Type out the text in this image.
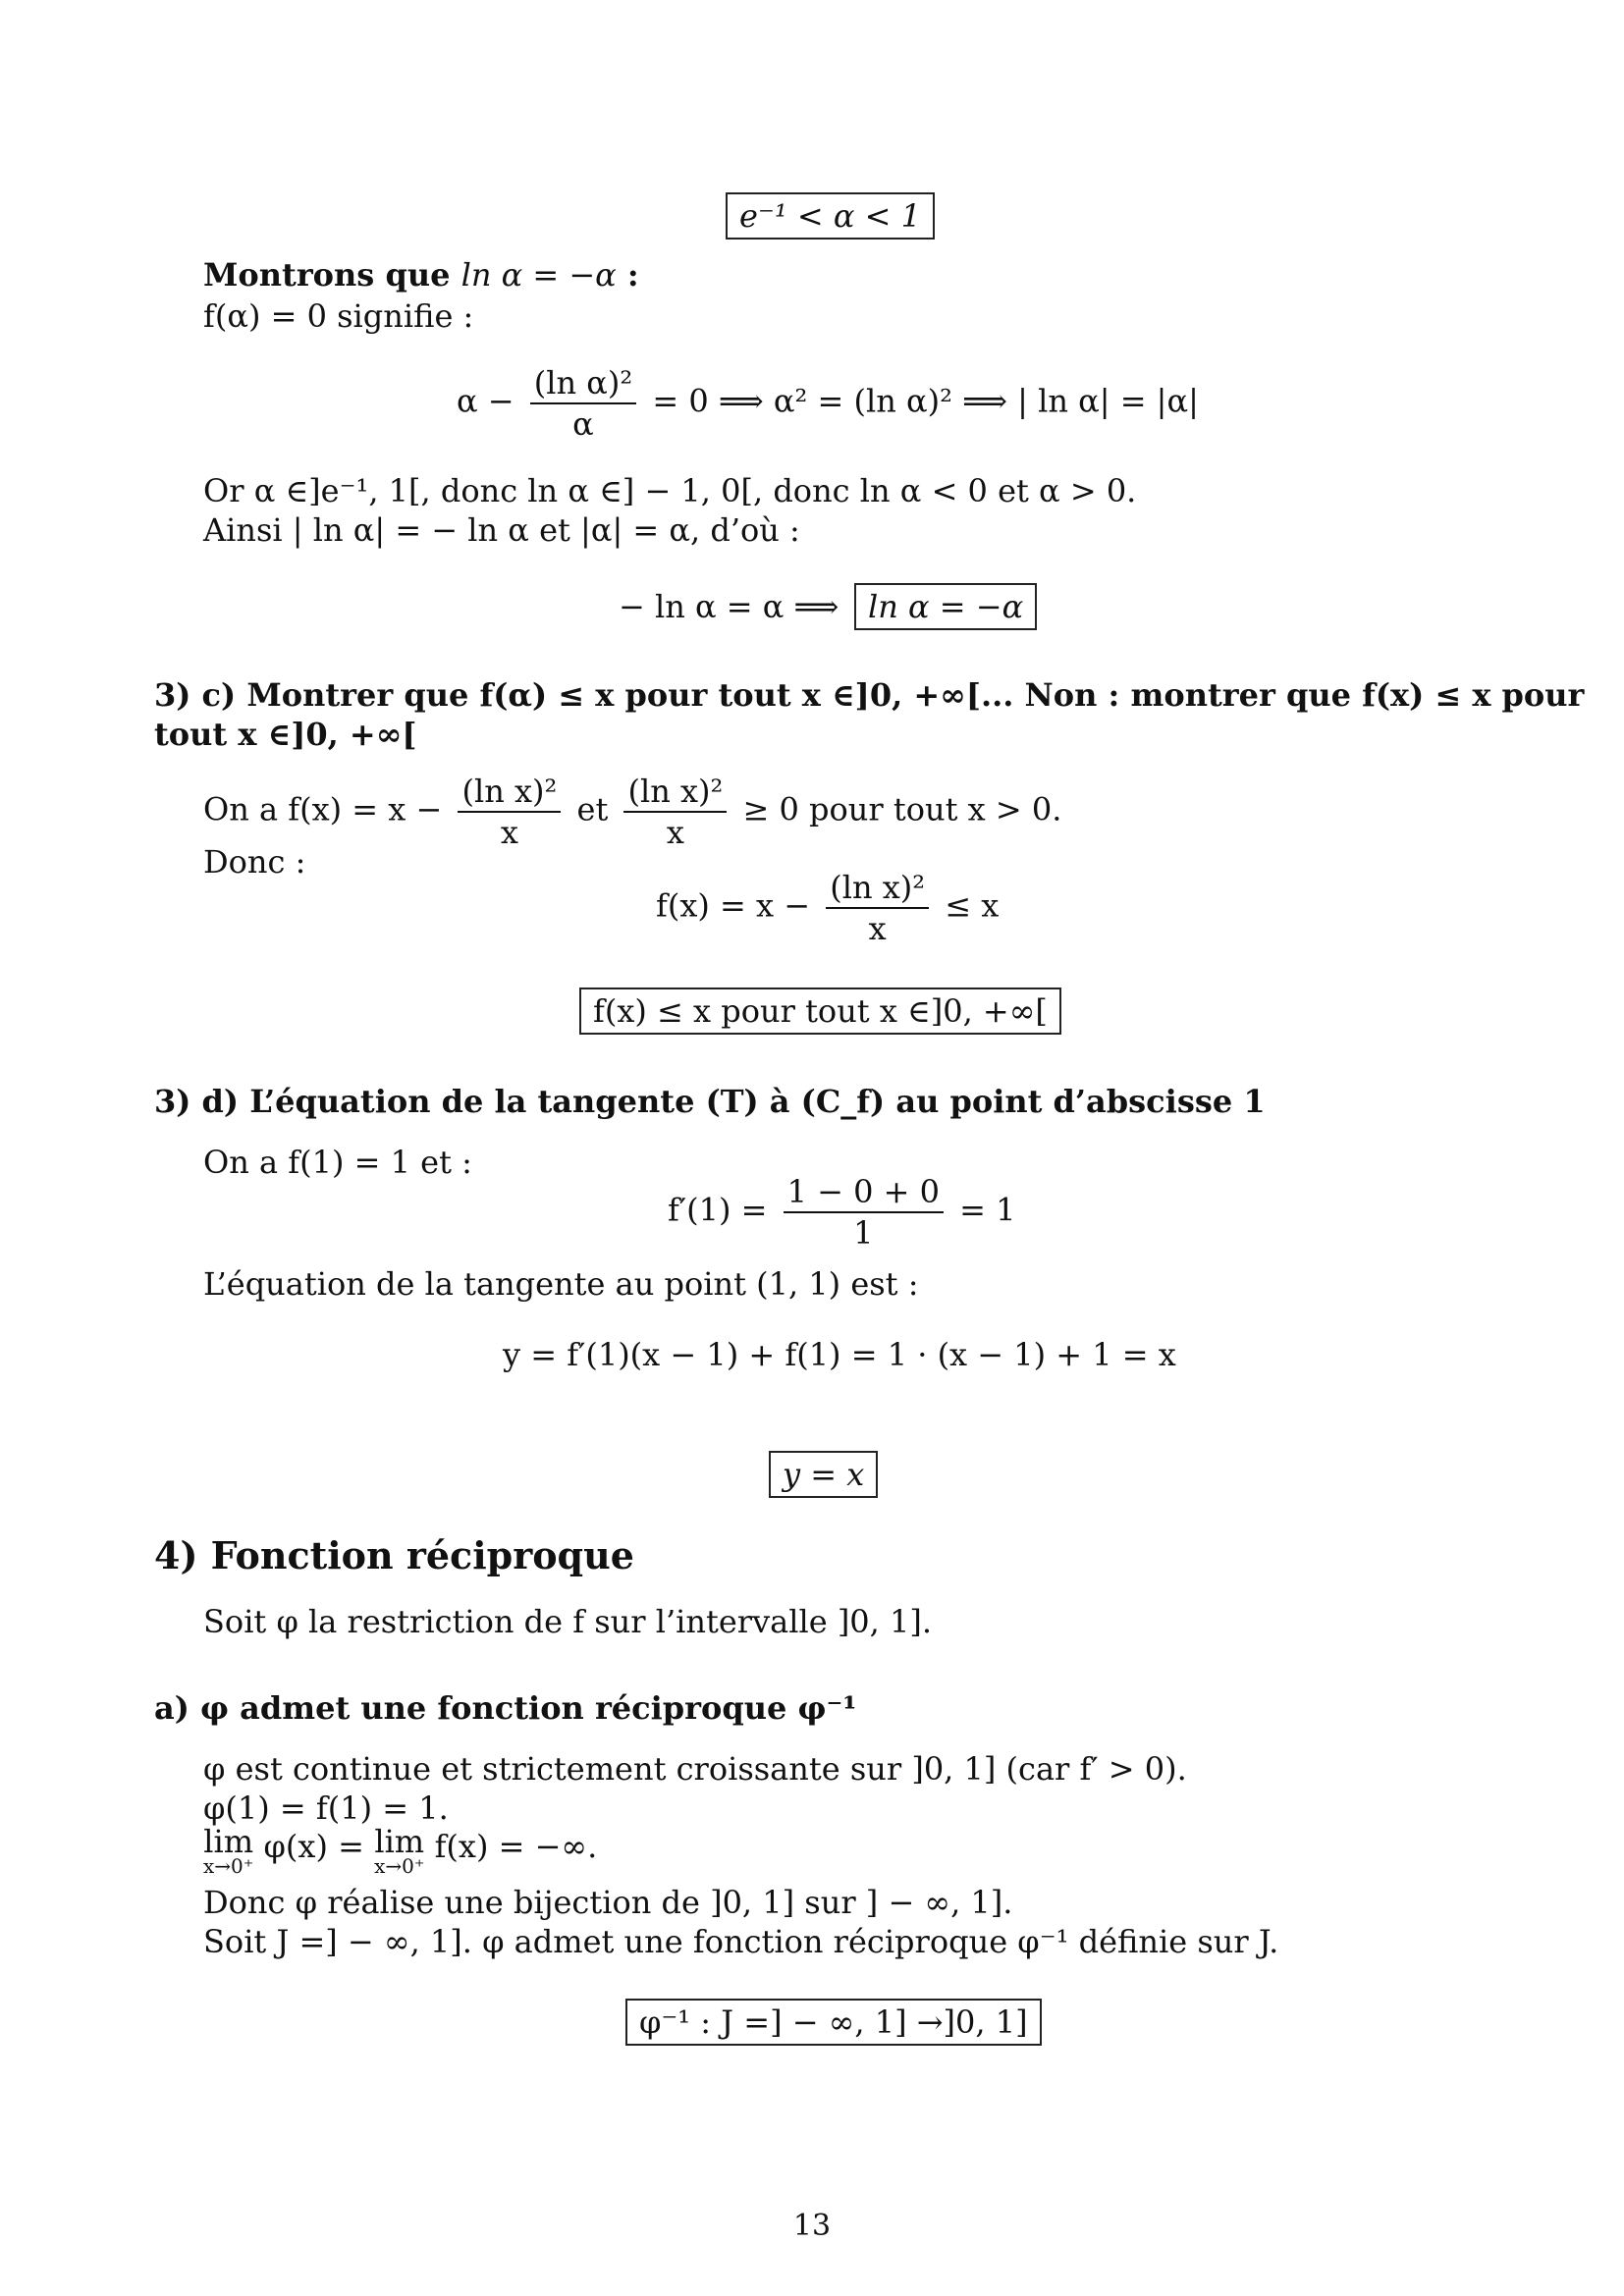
e⁻¹ < α < 1
Montrons que ln α = −α :
f(α) = 0 signifie :
$\alpha - \frac{\text{(ln α)²}}{\alpha} = 0$ ⟹ α² = (ln α)² ⟹ | ln α| = |α|
Or α ∈]e⁻¹, 1[, donc ln α ∈] − 1, 0[, donc ln α < 0 et α > 0.
Ainsi | ln α| = − ln α et |α| = α, d’où :
− ln α = α ⟹ ln α = −α
3) c) Montrer que f(α) ≤ x pour tout x ∈]0, +∞[... Non : montrer que f(x) ≤ x pour
tout x ∈]0, +∞[
On a $f(x) = x - \frac{\text{(ln x)²}}{x}$ et $\frac{\text{(ln x)²}}{x} \ge 0$ pour tout x > 0.
Donc :
$f(x) = x - \frac{\text{(ln x)²}}{x} \le x$
f(x) ≤ x pour tout x ∈]0, +∞[
3) d) L’équation de la tangente (T) à (C_f) au point d’abscisse 1
On a f(1) = 1 et :
$f'(1) = \frac{1 - 0 + 0}{1} = 1$
L’équation de la tangente au point (1, 1) est :
y = f′(1)(x − 1) + f(1) = 1 · (x − 1) + 1 = x
y = x
4) Fonction réciproque
Soit φ la restriction de f sur l’intervalle ]0, 1].
a) φ admet une fonction réciproque φ⁻¹
φ est continue et strictement croissante sur ]0, 1] (car f′ > 0).
φ(1) = f(1) = 1.
lim
x→0⁺
φ(x) = lim
x→0⁺
f(x) = −∞.
Donc φ réalise une bijection de ]0, 1] sur ] − ∞, 1].
Soit J =] − ∞, 1]. φ admet une fonction réciproque φ⁻¹ définie sur J.
φ⁻¹ : J =] − ∞, 1] →]0, 1]
13
